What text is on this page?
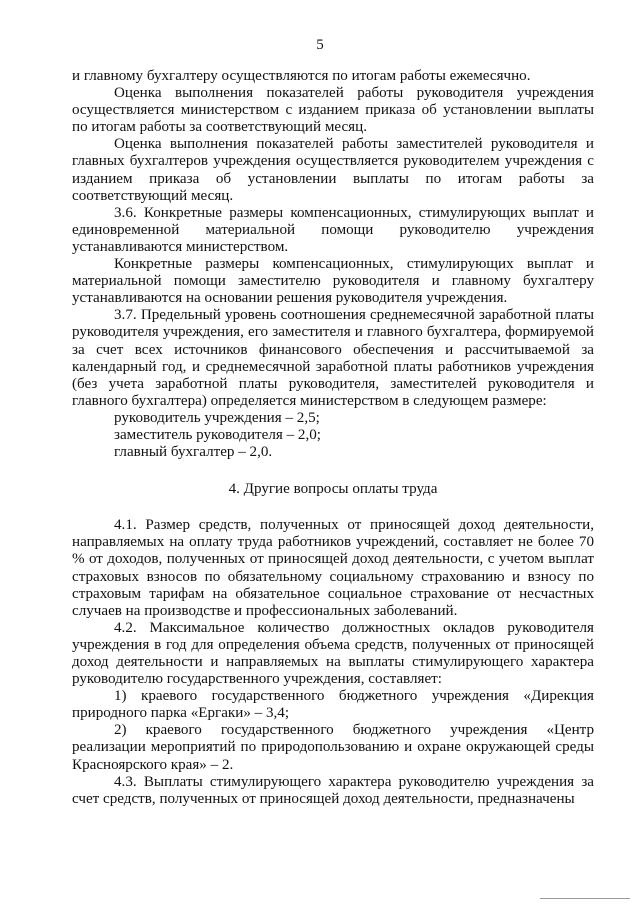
5

и главному бухгалтеру осуществляются по итогам работы ежемесячно.

Оценка выполнения показателей работы руководителя учреждения осуществляется министерством с изданием приказа об установлении выплаты по итогам работы за соответствующий месяц.

Оценка выполнения показателей работы заместителей руководителя и главных бухгалтеров учреждения осуществляется руководителем учреждения с изданием приказа об установлении выплаты по итогам работы за соответствующий месяц.

3.6. Конкретные размеры компенсационных, стимулирующих выплат и единовременной материальной помощи руководителю учреждения устанавливаются министерством.

Конкретные размеры компенсационных, стимулирующих выплат и материальной помощи заместителю руководителя и главному бухгалтеру устанавливаются на основании решения руководителя учреждения.

3.7. Предельный уровень соотношения среднемесячной заработной платы руководителя учреждения, его заместителя и главного бухгалтера, формируемой за счет всех источников финансового обеспечения и рассчитываемой за календарный год, и среднемесячной заработной платы работников учреждения (без учета заработной платы руководителя, заместителей руководителя и главного бухгалтера) определяется министерством в следующем размере:

руководитель учреждения – 2,5;

заместитель руководителя – 2,0;

главный бухгалтер – 2,0.

4. Другие вопросы оплаты труда

4.1. Размер средств, полученных от приносящей доход деятельности, направляемых на оплату труда работников учреждений, составляет не более 70 % от доходов, полученных от приносящей доход деятельности, с учетом выплат страховых взносов по обязательному социальному страхованию и взносу по страховым тарифам на обязательное социальное страхование от несчастных случаев на производстве и профессиональных заболеваний.

4.2. Максимальное количество должностных окладов руководителя учреждения в год для определения объема средств, полученных от приносящей доход деятельности и направляемых на выплаты стимулирующего характера руководителю государственного учреждения, составляет:

1) краевого государственного бюджетного учреждения «Дирекция природного парка «Ергаки» – 3,4;

2) краевого государственного бюджетного учреждения «Центр реализации мероприятий по природопользованию и охране окружающей среды Красноярского края» – 2.

4.3. Выплаты стимулирующего характера руководителю учреждения за счет средств, полученных от приносящей доход деятельности, предназначены
